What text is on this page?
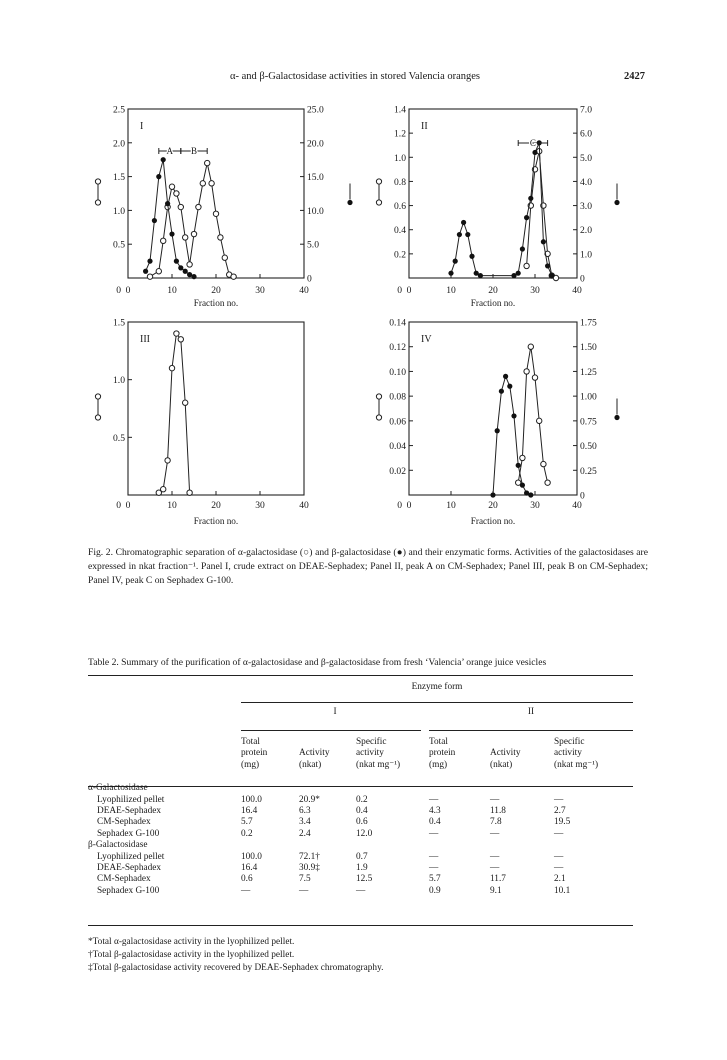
α- and β-Galactosidase activities in stored Valencia oranges	2427
0	10	20	30	40
Fraction no.
0.5
1.0
1.5
2.0
2.5
0
5.0
10.0
15.0
20.0
25.0
0
I
A B
0	10	20	30	40
Fraction no.
0.2
0.4
0.6
0.8
1.0
1.2
1.4
0
1.0
2.0
3.0
4.0
5.0
6.0
7.0
0
II
C
0	10	20	30	40
Fraction no.
0.5
1.0
1.5
0
III
0	10	20	30	40
Fraction no.
0.02
0.04
0.06
0.08
0.10
0.12
0.14
0
0.25
0.50
0.75
1.00
1.25
1.50
1.75
0
IV

Fig. 2. Chromatographic separation of α-galactosidase (○) and β-galactosidase (●) and their enzymatic forms. Activities of the galactosidases are expressed in nkat fraction⁻¹. Panel I, crude extract on DEAE-Sephadex; Panel II, peak A on CM-Sephadex; Panel III, peak B on CM-Sephadex; Panel IV, peak C on Sephadex G-100.

Table 2. Summary of the purification of α-galactosidase and β-galactosidase from fresh ‘Valencia’ orange juice vesicles
	Enzyme form					
	I			II		
	Total		Specific	Total		Specific
	protein	Activity	activity	protein	Activity	activity
	(mg)	(nkat)	(nkat mg⁻¹)	(mg)	(nkat)	(nkat mg⁻¹)

α-Galactosidase						
Lyophilized pellet	100.0	20.9*	0.2	—	—	—
DEAE-Sephadex	16.4	6.3	0.4	4.3	11.8	2.7
CM-Sephadex	5.7	3.4	0.6	0.4	7.8	19.5
Sephadex G-100	0.2	2.4	12.0	—	—	—
β-Galactosidase						
Lyophilized pellet	100.0	72.1†	0.7	—	—	—
DEAE-Sephadex	16.4	30.9‡	1.9	—	—	—
CM-Sephadex	0.6	7.5	12.5	5.7	11.7	2.1
Sephadex G-100	—	—	—	0.9	9.1	10.1
*Total α-galactosidase activity in the lyophilized pellet.
†Total β-galactosidase activity in the lyophilized pellet.
‡Total β-galactosidase activity recovered by DEAE-Sephadex chromatography.
